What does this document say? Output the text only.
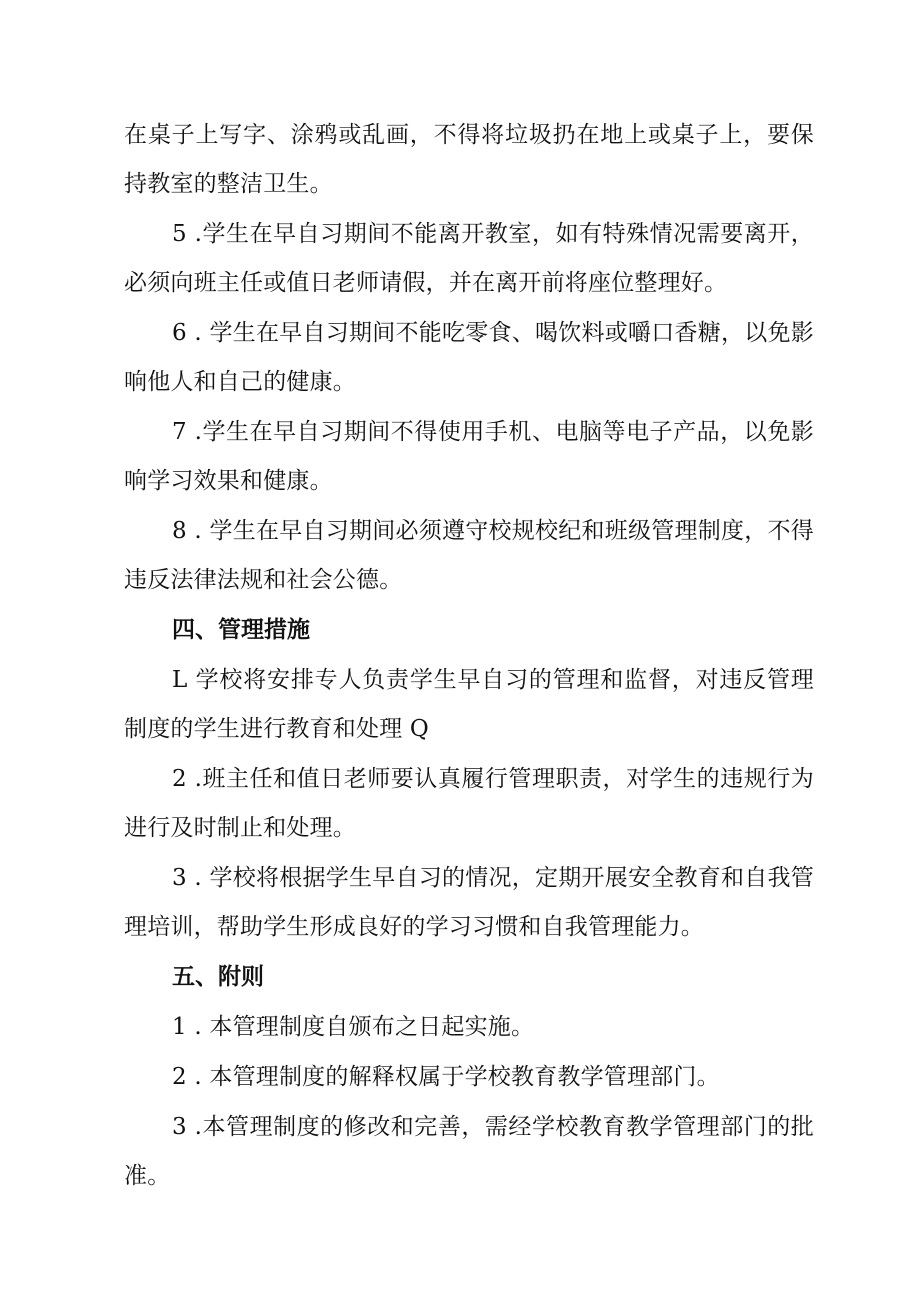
在桌子上写字、涂鸦或乱画，不得将垃圾扔在地上或桌子上，要保持教室的整洁卫生。

5 .学生在早自习期间不能离开教室，如有特殊情况需要离开，必须向班主任或值日老师请假，并在离开前将座位整理好。

6 . 学生在早自习期间不能吃零食、喝饮料或嚼口香糖，以免影响他人和自己的健康。

7 .学生在早自习期间不得使用手机、电脑等电子产品，以免影响学习效果和健康。

8 . 学生在早自习期间必须遵守校规校纪和班级管理制度，不得违反法律法规和社会公德。

四、管理措施

L 学校将安排专人负责学生早自习的管理和监督，对违反管理制度的学生进行教育和处理 Q

2 .班主任和值日老师要认真履行管理职责，对学生的违规行为进行及时制止和处理。

3 . 学校将根据学生早自习的情况，定期开展安全教育和自我管理培训，帮助学生形成良好的学习习惯和自我管理能力。

五、附则

1 . 本管理制度自颁布之日起实施。

2 . 本管理制度的解释权属于学校教育教学管理部门。

3 .本管理制度的修改和完善，需经学校教育教学管理部门的批准。
